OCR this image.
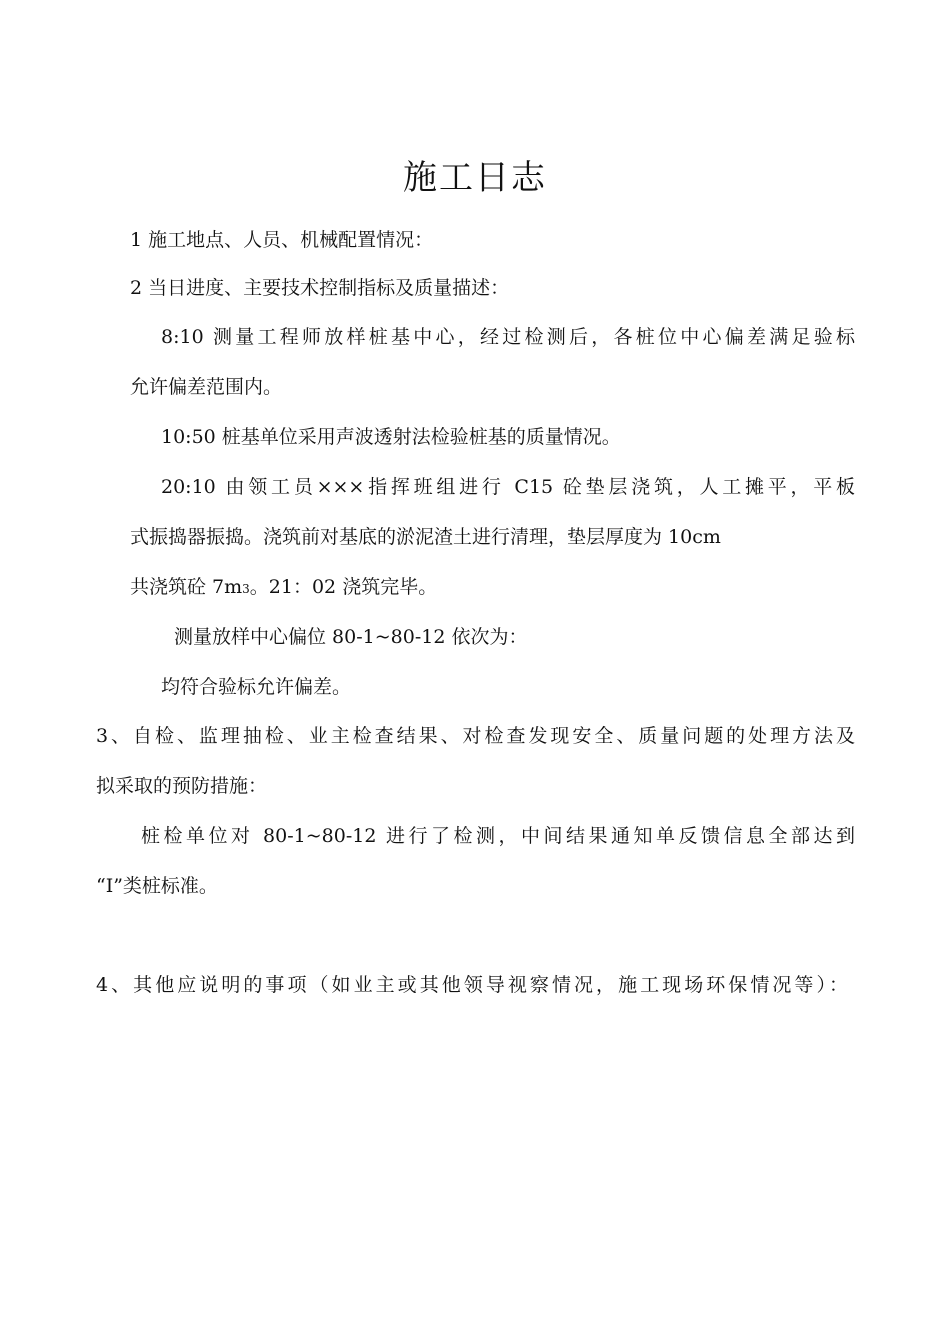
施工日志
1 施工地点、人员、机械配置情况：
2 当日进度、主要技术控制指标及质量描述：
8:10 测量工程师放样桩基中心，经过检测后，各桩位中心偏差满足验标
允许偏差范围内。
10:50 桩基单位采用声波透射法检验桩基的质量情况。
20:10 由领工员×××指挥班组进行 C15 砼垫层浇筑，人工摊平，平板
式振捣器振捣。浇筑前对基底的淤泥渣土进行清理，垫层厚度为 10cm
共浇筑砼 7m3。21：02 浇筑完毕。
测量放样中心偏位 80-1~80-12 依次为：
均符合验标允许偏差。
3、自检、监理抽检、业主检查结果、对检查发现安全、质量问题的处理方法及
拟采取的预防措施：
桩检单位对 80-1~80-12 进行了检测，中间结果通知单反馈信息全部达到
“Ⅰ”类桩标准。
4、其他应说明的事项（如业主或其他领导视察情况，施工现场环保情况等）：
